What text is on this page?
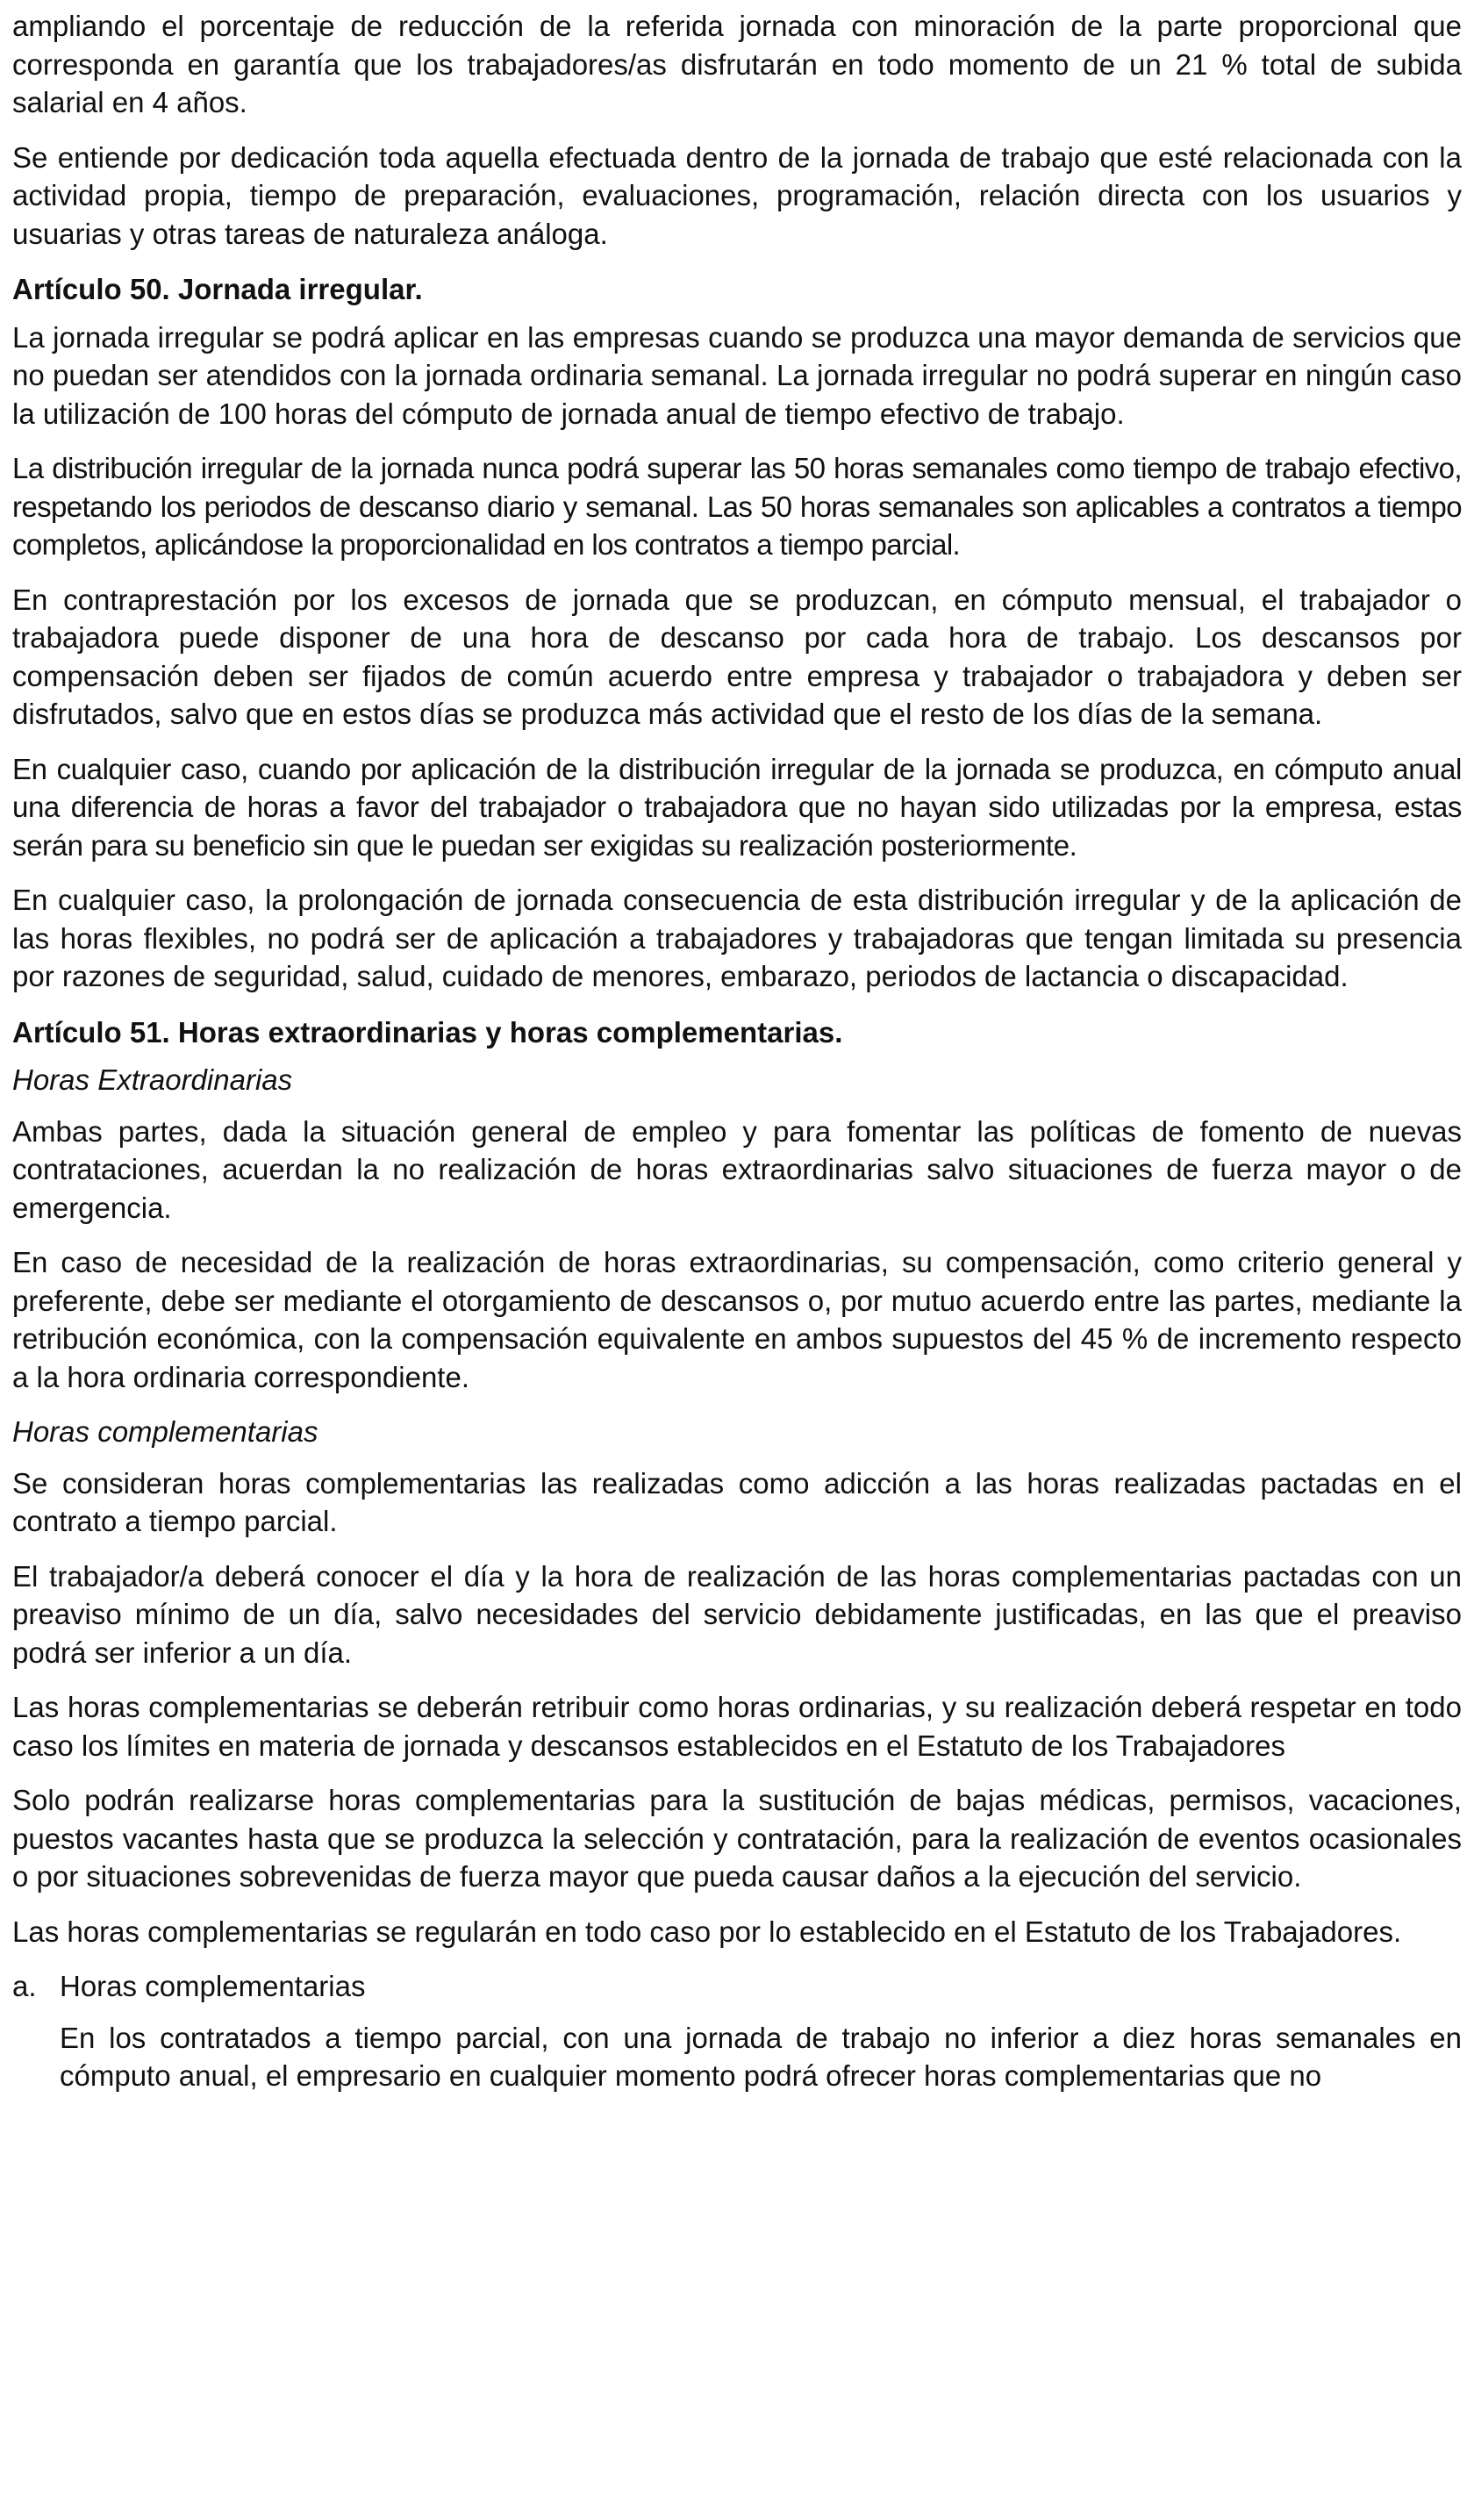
ampliando el porcentaje de reducción de la referida jornada con minoración de la parte proporcional que corresponda en garantía que los trabajadores/as disfrutarán en todo momento de un 21 % total de subida salarial en 4 años.

Se entiende por dedicación toda aquella efectuada dentro de la jornada de trabajo que esté relacionada con la actividad propia, tiempo de preparación, evaluaciones, programación, relación directa con los usuarios y usuarias y otras tareas de naturaleza análoga.

Artículo 50. Jornada irregular.

La jornada irregular se podrá aplicar en las empresas cuando se produzca una mayor demanda de servicios que no puedan ser atendidos con la jornada ordinaria semanal. La jornada irregular no podrá superar en ningún caso la utilización de 100 horas del cómputo de jornada anual de tiempo efectivo de trabajo.

La distribución irregular de la jornada nunca podrá superar las 50 horas semanales como tiempo de trabajo efectivo, respetando los periodos de descanso diario y semanal. Las 50 horas semanales son aplicables a contratos a tiempo completos, aplicándose la proporcionalidad en los contratos a tiempo parcial.

En contraprestación por los excesos de jornada que se produzcan, en cómputo mensual, el trabajador o trabajadora puede disponer de una hora de descanso por cada hora de trabajo. Los descansos por compensación deben ser fijados de común acuerdo entre empresa y trabajador o trabajadora y deben ser disfrutados, salvo que en estos días se produzca más actividad que el resto de los días de la semana.

En cualquier caso, cuando por aplicación de la distribución irregular de la jornada se produzca, en cómputo anual una diferencia de horas a favor del trabajador o trabajadora que no hayan sido utilizadas por la empresa, estas serán para su beneficio sin que le puedan ser exigidas su realización posteriormente.

En cualquier caso, la prolongación de jornada consecuencia de esta distribución irregular y de la aplicación de las horas flexibles, no podrá ser de aplicación a trabajadores y trabajadoras que tengan limitada su presencia por razones de seguridad, salud, cuidado de menores, embarazo, periodos de lactancia o discapacidad.

Artículo 51. Horas extraordinarias y horas complementarias.
Horas Extraordinarias

Ambas partes, dada la situación general de empleo y para fomentar las políticas de fomento de nuevas contrataciones, acuerdan la no realización de horas extraordinarias salvo situaciones de fuerza mayor o de emergencia.

En caso de necesidad de la realización de horas extraordinarias, su compensación, como criterio general y preferente, debe ser mediante el otorgamiento de descansos o, por mutuo acuerdo entre las partes, mediante la retribución económica, con la compensación equivalente en ambos supuestos del 45 % de incremento respecto a la hora ordinaria correspondiente.

Horas complementarias

Se consideran horas complementarias las realizadas como adicción a las horas realizadas pactadas en el contrato a tiempo parcial.

El trabajador/a deberá conocer el día y la hora de realización de las horas complementarias pactadas con un preaviso mínimo de un día, salvo necesidades del servicio debidamente justificadas, en las que el preaviso podrá ser inferior a un día.

Las horas complementarias se deberán retribuir como horas ordinarias, y su realización deberá respetar en todo caso los límites en materia de jornada y descansos establecidos en el Estatuto de los Trabajadores

Solo podrán realizarse horas complementarias para la sustitución de bajas médicas, permisos, vacaciones, puestos vacantes hasta que se produzca la selección y contratación, para la realización de eventos ocasionales o por situaciones sobrevenidas de fuerza mayor que pueda causar daños a la ejecución del servicio.

Las horas complementarias se regularán en todo caso por lo establecido en el Estatuto de los Trabajadores.

a. Horas complementarias

En los contratados a tiempo parcial, con una jornada de trabajo no inferior a diez horas semanales en cómputo anual, el empresario en cualquier momento podrá ofrecer horas complementarias que no
